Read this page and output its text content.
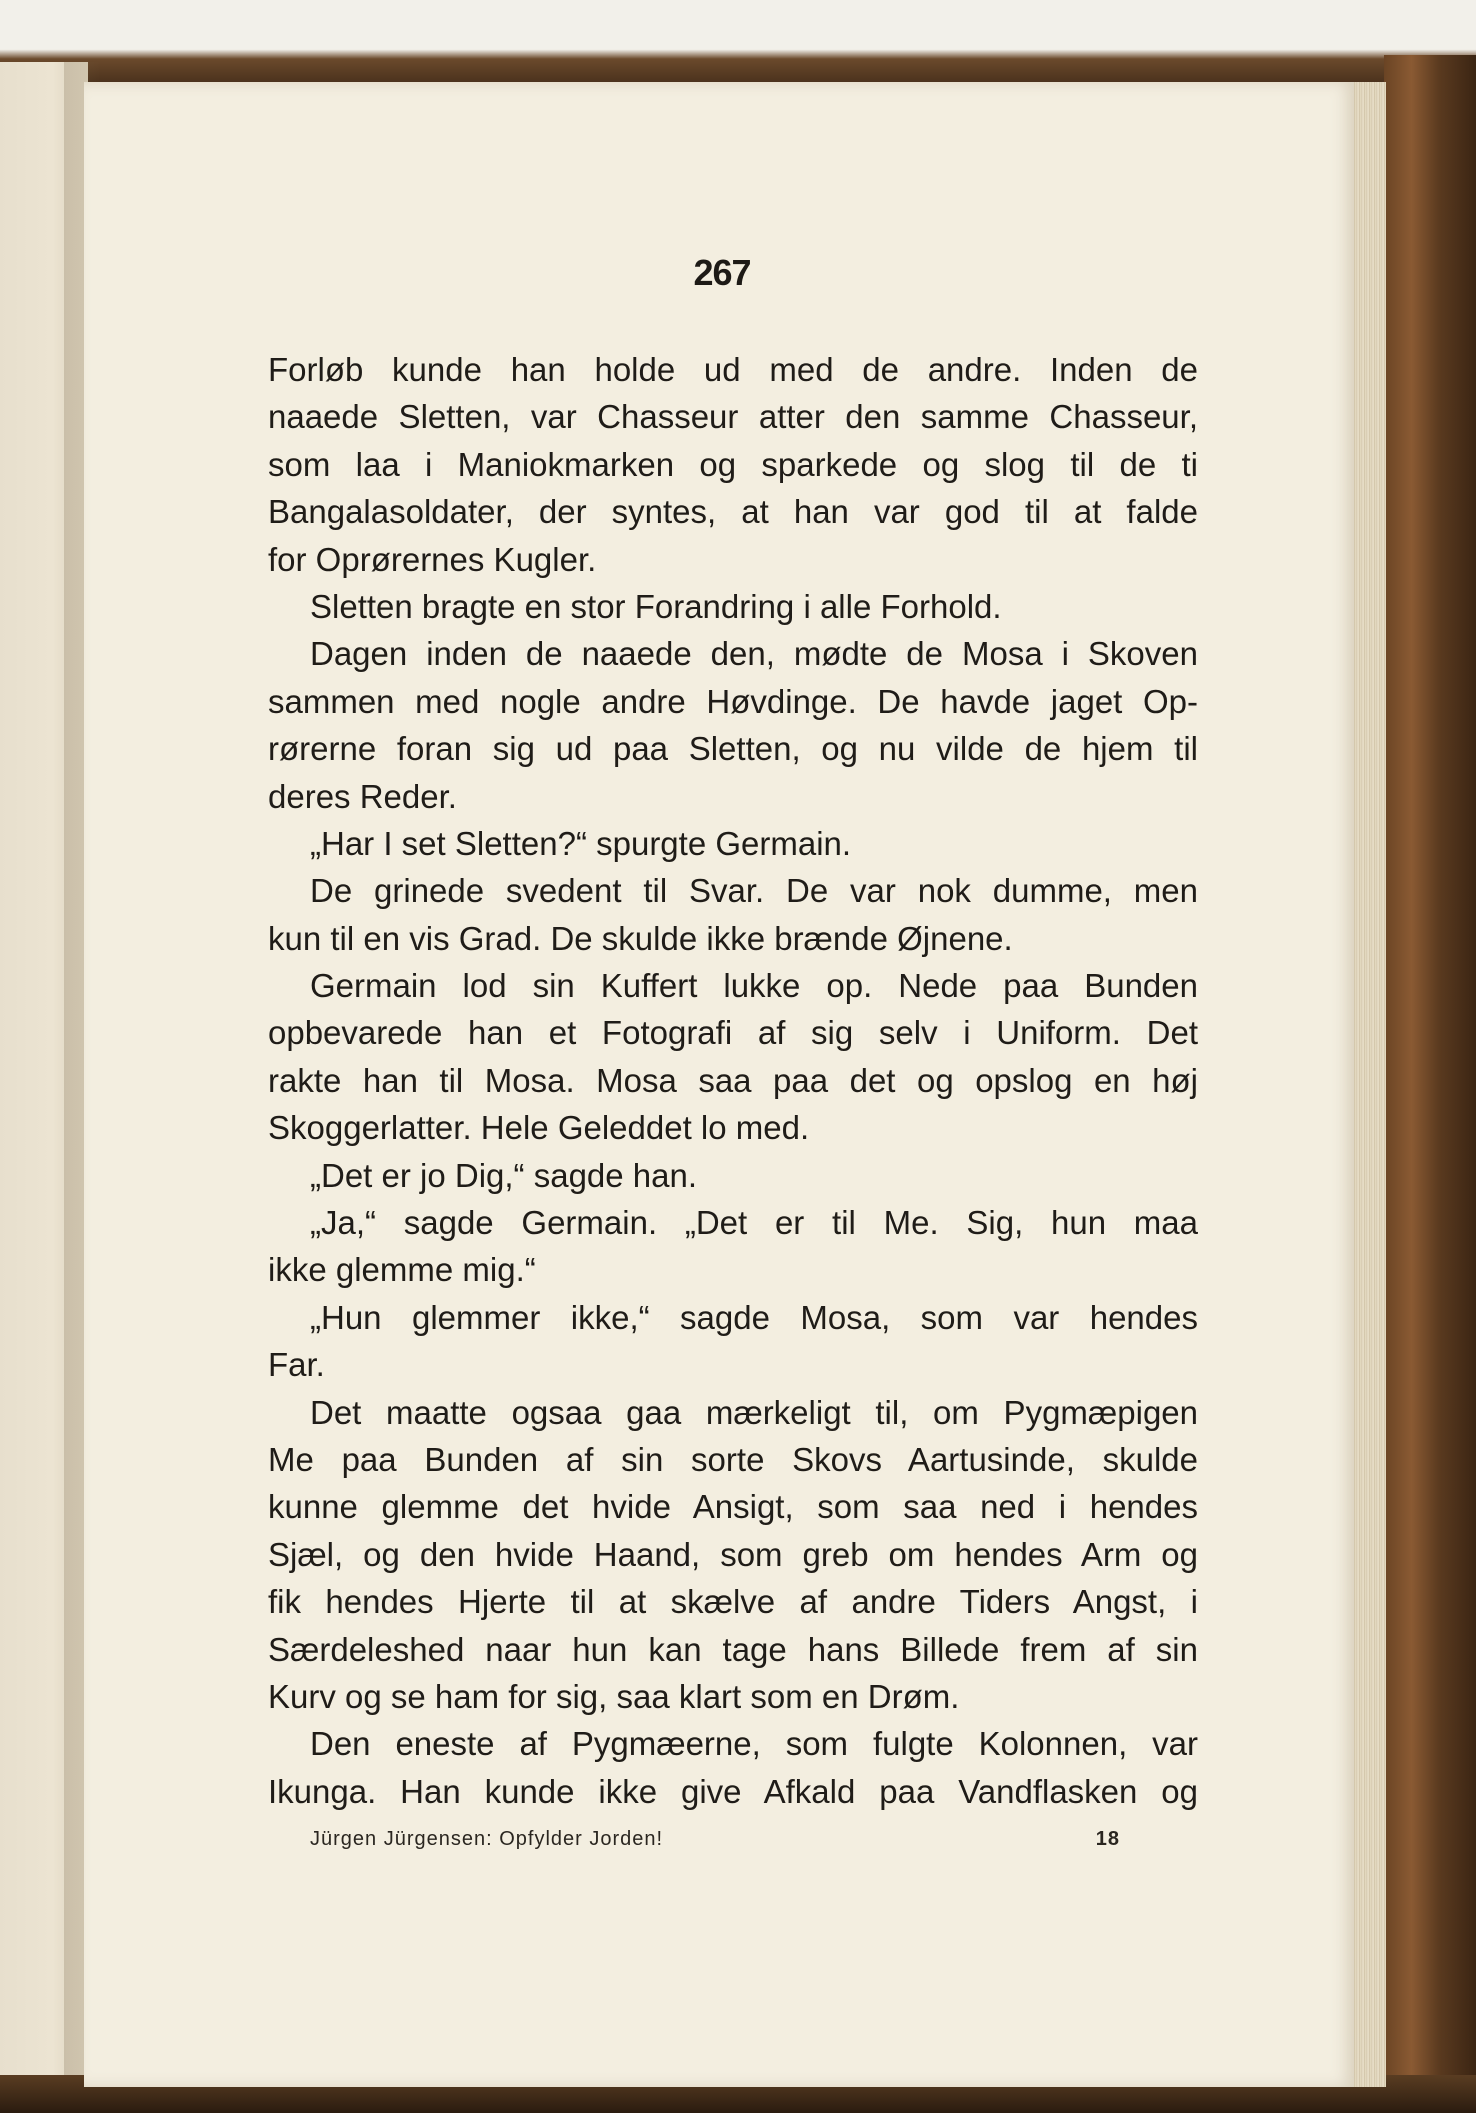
267
Forløb kunde han holde ud med de andre. Inden de
naaede Sletten, var Chasseur atter den samme Chasseur,
som laa i Maniokmarken og sparkede og slog til de ti
Bangalasoldater, der syntes, at han var god til at falde
for Oprørernes Kugler.
Sletten bragte en stor Forandring i alle Forhold.
Dagen inden de naaede den, mødte de Mosa i Skoven
sammen med nogle andre Høvdinge. De havde jaget Op-
rørerne foran sig ud paa Sletten, og nu vilde de hjem til
deres Reder.
„Har I set Sletten?“ spurgte Germain.
De grinede svedent til Svar. De var nok dumme, men
kun til en vis Grad. De skulde ikke brænde Øjnene.
Germain lod sin Kuffert lukke op. Nede paa Bunden
opbevarede han et Fotografi af sig selv i Uniform. Det
rakte han til Mosa. Mosa saa paa det og opslog en høj
Skoggerlatter. Hele Geleddet lo med.
„Det er jo Dig,“ sagde han.
„Ja,“ sagde Germain. „Det er til Me. Sig, hun maa
ikke glemme mig.“
„Hun glemmer ikke,“ sagde Mosa, som var hendes
Far.
Det maatte ogsaa gaa mærkeligt til, om Pygmæpigen
Me paa Bunden af sin sorte Skovs Aartusinde, skulde
kunne glemme det hvide Ansigt, som saa ned i hendes
Sjæl, og den hvide Haand, som greb om hendes Arm og
fik hendes Hjerte til at skælve af andre Tiders Angst, i
Særdeleshed naar hun kan tage hans Billede frem af sin
Kurv og se ham for sig, saa klart som en Drøm.
Den eneste af Pygmæerne, som fulgte Kolonnen, var
Ikunga. Han kunde ikke give Afkald paa Vandflasken og
Jürgen Jürgensen: Opfylder Jorden!	18
